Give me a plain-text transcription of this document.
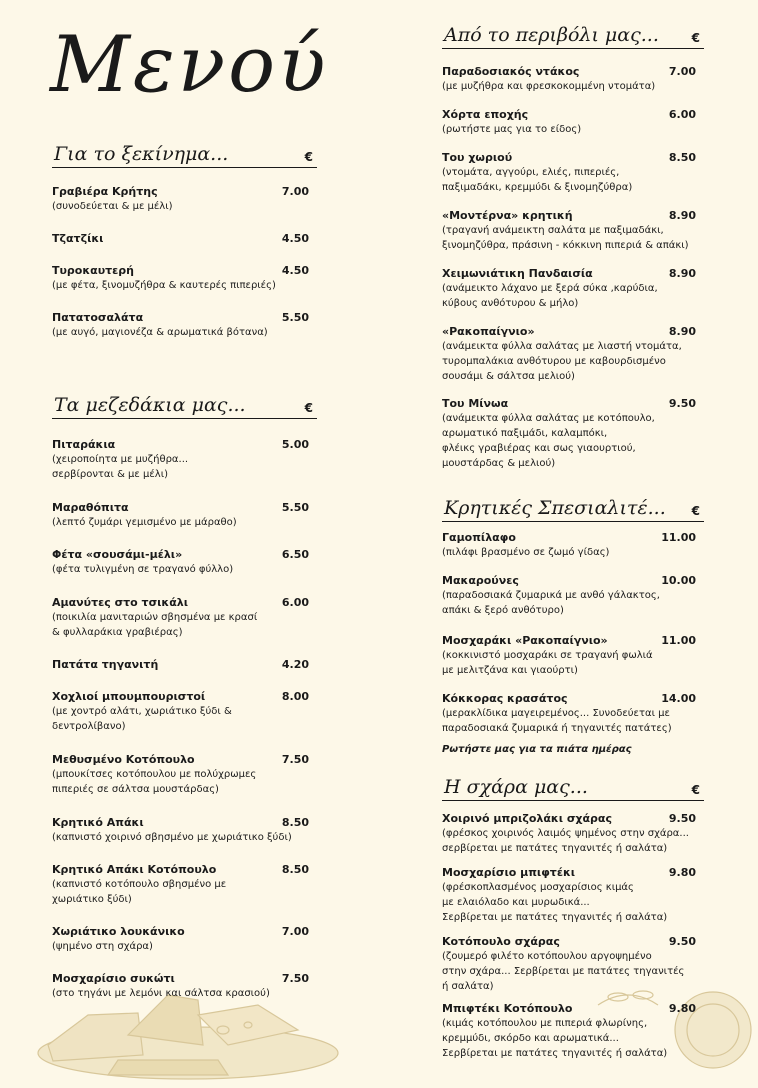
Μενού
Για το ξεκίνημα...	€
Γραβιέρα Κρήτης	7.00
(συνοδεύεται & με μέλι)
Τζατζίκι	4.50
Τυροκαυτερή	4.50
(με φέτα, ξινομυζήθρα & καυτερές πιπεριές)
Πατατοσαλάτα	5.50
(με αυγό, μαγιονέζα & αρωματικά βότανα)
Τα μεζεδάκια μας...	€
Πιταράκια	5.00
(χειροποίητα με μυζήθρα...
σερβίρονται & με μέλι)
Μαραθόπιτα	5.50
(λεπτό ζυμάρι γεμισμένο με μάραθο)
Φέτα «σουσάμι-μέλι»	6.50
(φέτα τυλιγμένη σε τραγανό φύλλο)
Αμανύτες στο τσικάλι	6.00
(ποικιλία μανιταριών σβησμένα με κρασί
& φυλλαράκια γραβιέρας)
Πατάτα τηγανιτή	4.20
Χοχλιοί μπουμπουριστοί	8.00
(με χοντρό αλάτι, χωριάτικο ξύδι &
δεντρολίβανο)
Μεθυσμένο Κοτόπουλο	7.50
(μπουκίτσες κοτόπουλου με πολύχρωμες
πιπεριές σε σάλτσα μουστάρδας)
Κρητικό Απάκι	8.50
(καπνιστό χοιρινό σβησμένο με χωριάτικο ξύδι)
Κρητικό Απάκι Κοτόπουλο	8.50
(καπνιστό κοτόπουλο σβησμένο με
χωριάτικο ξύδι)
Χωριάτικο λουκάνικο	7.00
(ψημένο στη σχάρα)
Μοσχαρίσιο συκώτι	7.50
(στο τηγάνι με λεμόνι και σάλτσα κρασιού)
Από το περιβόλι μας...	€
Παραδοσιακός ντάκος	7.00
(με μυζήθρα και φρεσκοκομμένη ντομάτα)
Χόρτα εποχής	6.00
(ρωτήστε μας για το είδος)
Του χωριού	8.50
(ντομάτα, αγγούρι, ελιές, πιπεριές,
παξιμαδάκι, κρεμμύδι & ξινομηζύθρα)
«Μοντέρνα» κρητική	8.90
(τραγανή ανάμεικτη σαλάτα με παξιμαδάκι,
ξινομηζύθρα, πράσινη - κόκκινη πιπεριά & απάκι)
Χειμωνιάτικη Πανδαισία	8.90
(ανάμεικτο λάχανο με ξερά σύκα ,καρύδια,
κύβους ανθότυρου & μήλο)
«Ρακοπαίγνιο»	8.90
(ανάμεικτα φύλλα σαλάτας με λιαστή ντομάτα,
τυρομπαλάκια ανθότυρου με καβουρδισμένο
σουσάμι & σάλτσα μελιού)
Του Μίνωα	9.50
(ανάμεικτα φύλλα σαλάτας με κοτόπουλο,
αρωματικό παξιμάδι, καλαμπόκι,
φλέικς γραβιέρας και σως γιαουρτιού,
μουστάρδας & μελιού)
Κρητικές Σπεσιαλιτέ... €
Γαμοπίλαφο	11.00
(πιλάφι βρασμένο σε ζωμό γίδας)
Μακαρούνες	10.00
(παραδοσιακά ζυμαρικά με ανθό γάλακτος,
απάκι & ξερό ανθότυρο)
Μοσχαράκι «Ρακοπαίγνιο»	11.00
(κοκκινιστό μοσχαράκι σε τραγανή φωλιά
με μελιτζάνα και γιαούρτι)
Κόκκορας κρασάτος	14.00
(μερακλίδικα μαγειρεμένος... Συνοδεύεται με
παραδοσιακά ζυμαρικά ή τηγανιτές πατάτες)
Ρωτήστε μας για τα πιάτα ημέρας
Η σχάρα μας...	€
Χοιρινό μπριζολάκι σχάρας	9.50
(φρέσκος χοιρινός λαιμός ψημένος στην σχάρα...
σερβίρεται με πατάτες τηγανιτές ή σαλάτα)
Μοσχαρίσιο μπιφτέκι	9.80
(φρέσκοπλασμένος μοσχαρίσιος κιμάς
με ελαιόλαδο και μυρωδικά...
Σερβίρεται με πατάτες τηγανιτές ή σαλάτα)
Κοτόπουλο σχάρας	9.50
(ζουμερό φιλέτο κοτόπουλου αργοψημένο
στην σχάρα... Σερβίρεται με πατάτες τηγανιτές
ή σαλάτα)
Μπιφτέκι Κοτόπουλο	9.80
(κιμάς κοτόπουλου με πιπεριά φλωρίνης,
κρεμμύδι, σκόρδο και αρωματικά...
Σερβίρεται με πατάτες τηγανιτές ή σαλάτα)
